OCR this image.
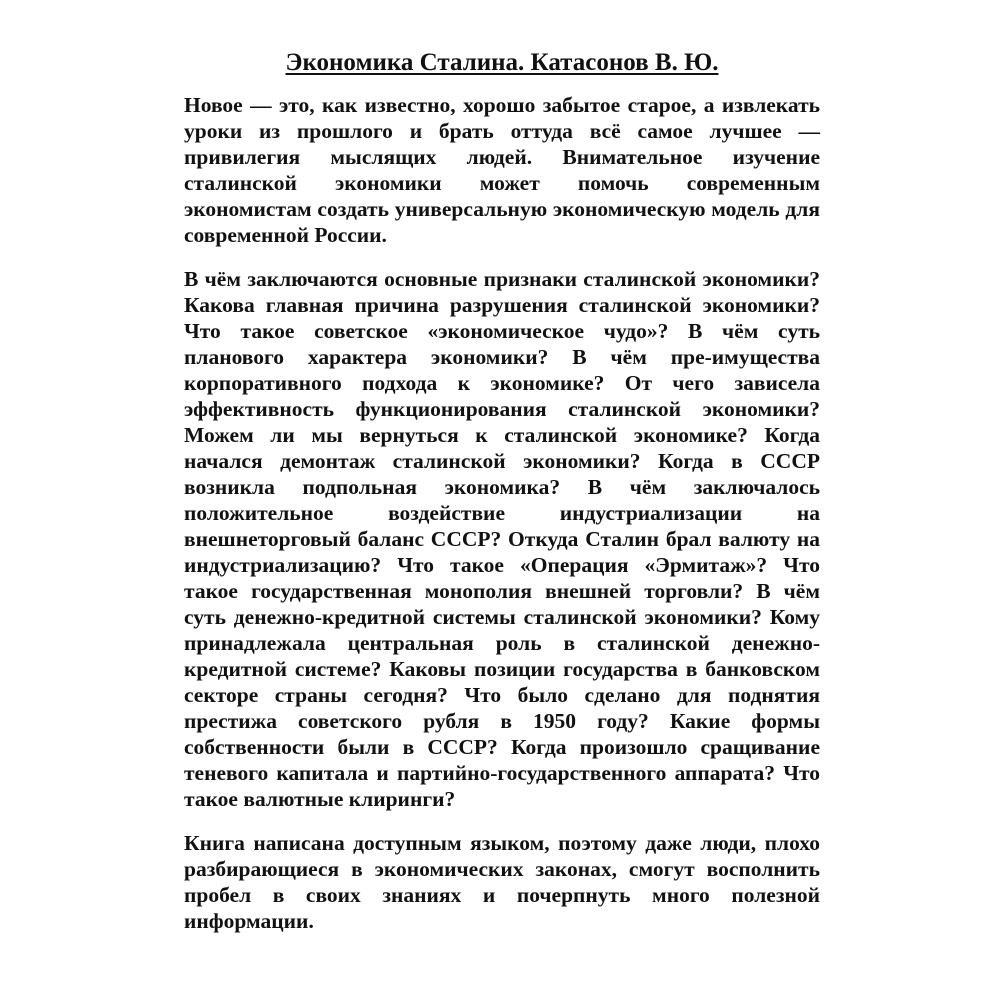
Экономика Сталина. Катасонов В. Ю.

Новое — это, как известно, хорошо забытое старое, а извлекать уроки из прошлого и брать оттуда всё самое лучшее — привилегия мыслящих людей. Внимательное изучение сталинской экономики может помочь современным экономистам создать универсальную экономическую модель для современной России.

В чём заключаются основные признаки сталинской экономики? Какова главная причина разрушения сталинской экономики? Что такое советское «экономическое чудо»? В чём суть планового характера экономики? В чём пре-имущества корпоративного подхода к экономике? От чего зависела эффективность функционирования сталинской экономики? Можем ли мы вернуться к сталинской экономике? Когда начался демонтаж сталинской экономики? Когда в СССР возникла подпольная экономика? В чём заключалось положительное воздействие индустриализации на внешнеторговый баланс СССР? Откуда Сталин брал валюту на индустриализацию? Что такое «Операция «Эрмитаж»? Что такое государственная монополия внешней торговли? В чём суть денежно-кредитной системы сталинской экономики? Кому принадлежала центральная роль в сталинской денежно-кредитной системе? Каковы позиции государства в банковском секторе страны сегодня? Что было сделано для поднятия престижа советского рубля в 1950 году? Какие формы собственности были в СССР? Когда произошло сращивание теневого капитала и партийно-государственного аппарата? Что такое валютные клиринги?

Книга написана доступным языком, поэтому даже люди, плохо разбирающиеся в экономических законах, смогут восполнить пробел в своих знаниях и почерпнуть много полезной информации.
